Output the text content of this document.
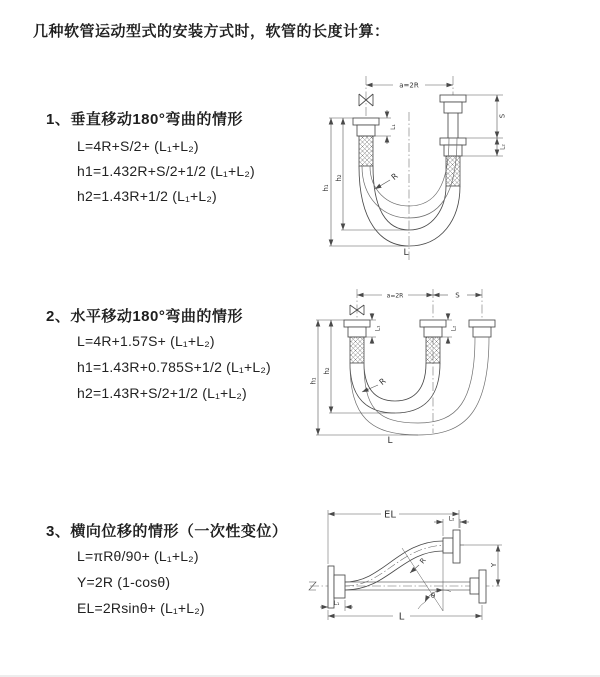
几种软管运动型式的安装方式时，软管的长度计算：
1、垂直移动180°弯曲的情形
L=4R+S/2+ (L₁+L₂)
h1=1.432R+S/2+1/2 (L₁+L₂)
h2=1.43R+1/2 (L₁+L₂)
2、水平移动180°弯曲的情形
L=4R+1.57S+ (L₁+L₂)
h1=1.43R+0.785S+1/2 (L₁+L₂)
h2=1.43R+S/2+1/2 (L₁+L₂)
3、横向位移的情形（一次性变位）
L=πRθ/90+ (L₁+L₂)
Y=2R (1-cosθ)
EL=2Rsinθ+ (L₁+L₂)
a=2R
h₁
h₂
L₁
S
L₂
R
L
a=2R	S
h₁
h₂
L₁	L₂
R
L
θ
R
EL	L₂
Y
L
L₁
